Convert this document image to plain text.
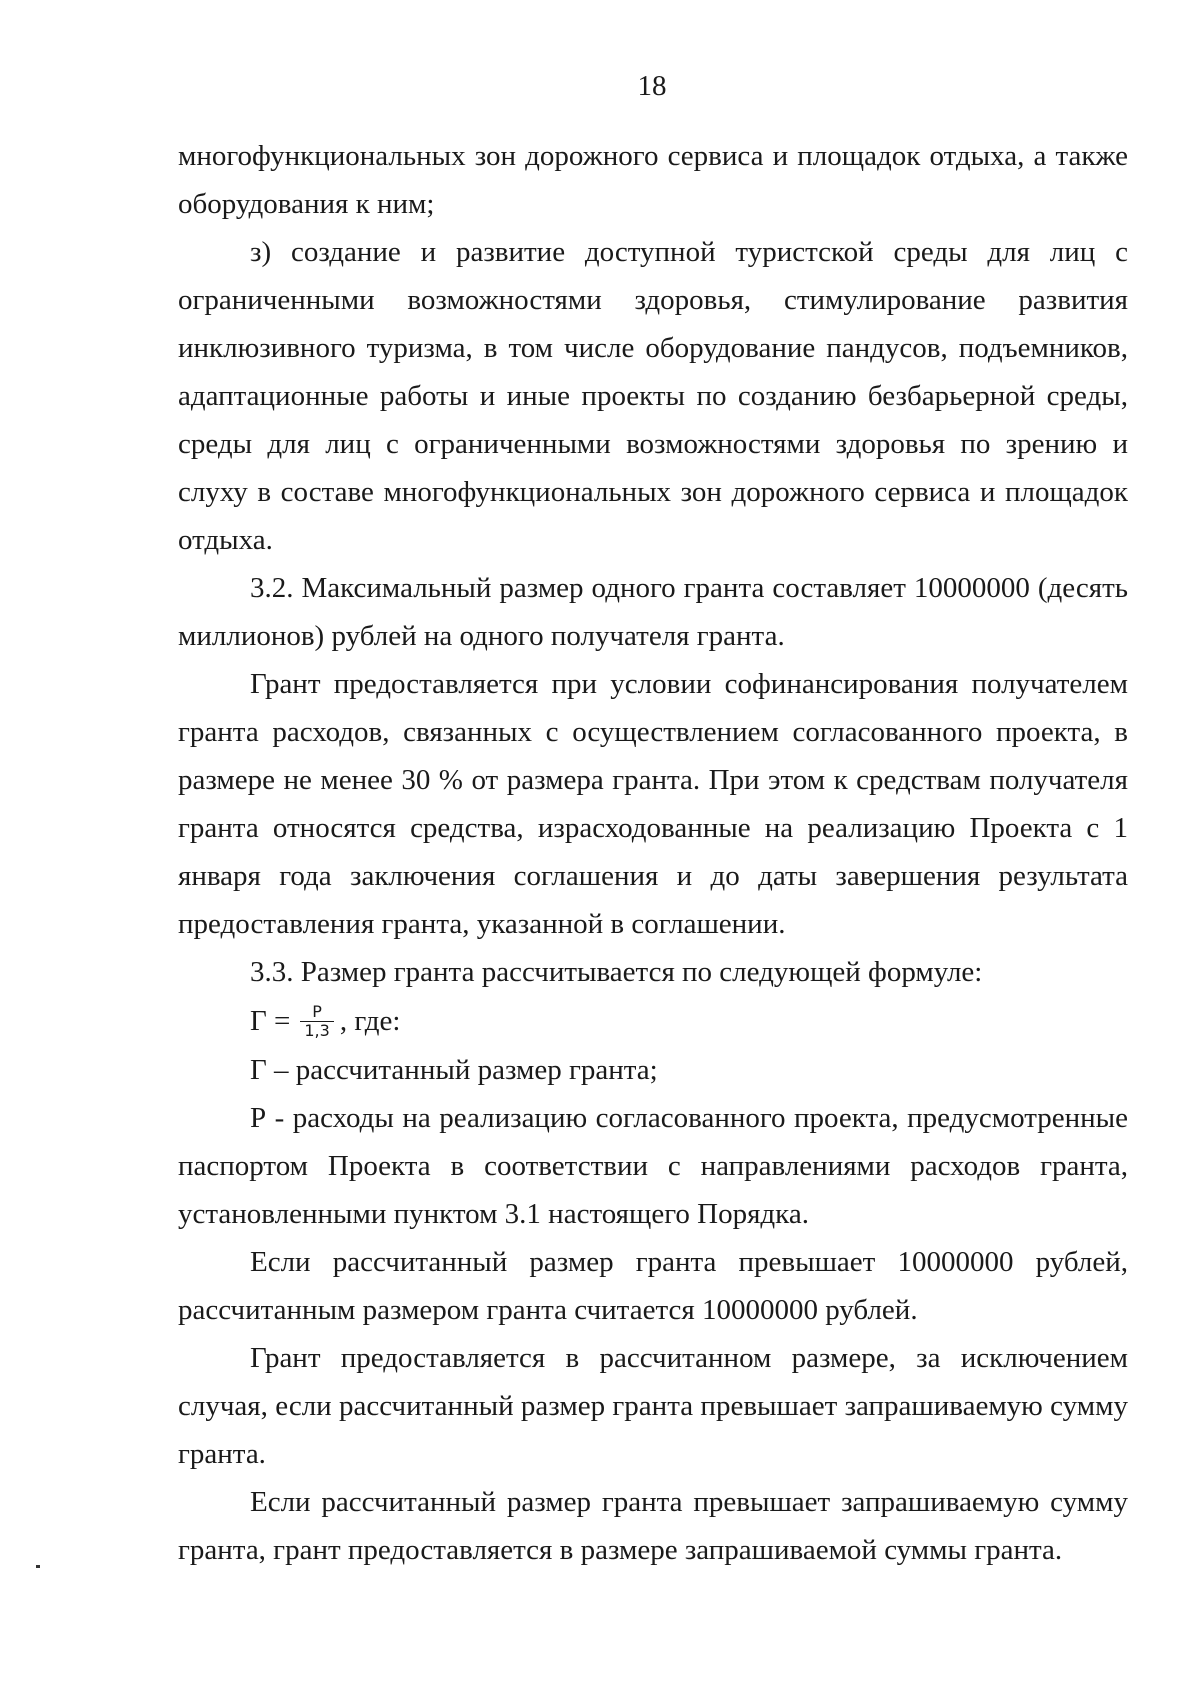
18

многофункциональных зон дорожного сервиса и площадок отдыха, а также оборудования к ним;

з) создание и развитие доступной туристской среды для лиц с ограниченными возможностями здоровья, стимулирование развития инклюзивного туризма, в том числе оборудование пандусов, подъемников, адаптационные работы и иные проекты по созданию безбарьерной среды, среды для лиц с ограниченными возможностями здоровья по зрению и слуху в составе многофункциональных зон дорожного сервиса и площадок отдыха.

3.2. Максимальный размер одного гранта составляет 10000000 (десять миллионов) рублей на одного получателя гранта.

Грант предоставляется при условии софинансирования получателем гранта расходов, связанных с осуществлением согласованного проекта, в размере не менее 30 % от размера гранта. При этом к средствам получателя гранта относятся средства, израсходованные на реализацию Проекта с 1 января года заключения соглашения и до даты завершения результата предоставления гранта, указанной в соглашении.

3.3. Размер гранта рассчитывается по следующей формуле:

$Г = \frac{Р}{1,3}$ , где:

Г – рассчитанный размер гранта;

Р - расходы на реализацию согласованного проекта, предусмотренные паспортом Проекта в соответствии с направлениями расходов гранта, установленными пунктом 3.1 настоящего Порядка.

Если рассчитанный размер гранта превышает 10000000 рублей, рассчитанным размером гранта считается 10000000 рублей.

Грант предоставляется в рассчитанном размере, за исключением случая, если рассчитанный размер гранта превышает запрашиваемую сумму гранта.

Если рассчитанный размер гранта превышает запрашиваемую сумму гранта, грант предоставляется в размере запрашиваемой суммы гранта.
